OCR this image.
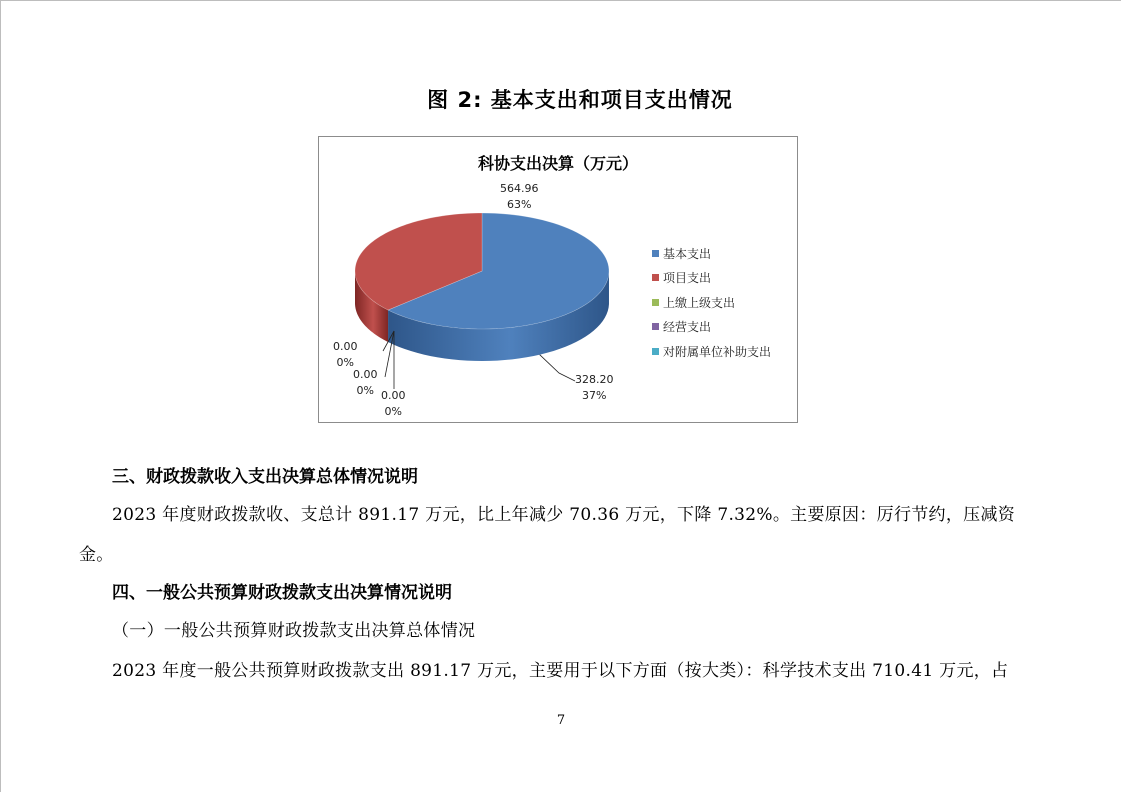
图 2: 基本支出和项目支出情况
科协支出决算（万元）
564.96
63%
328.20
37%
0.00
0%
0.00
0% 0.00
0%
基本支出
项目支出
上缴上级支出
经营支出
对附属单位补助支出
三、财政拨款收入支出决算总体情况说明
2023 年度财政拨款收、支总计 891.17 万元，比上年减少 70.36 万元，下降 7.32%。主要原因：厉行节约，压减资
金。
四、一般公共预算财政拨款支出决算情况说明
（一）一般公共预算财政拨款支出决算总体情况
2023 年度一般公共预算财政拨款支出 891.17 万元，主要用于以下方面（按大类）：科学技术支出 710.41 万元，占
7
